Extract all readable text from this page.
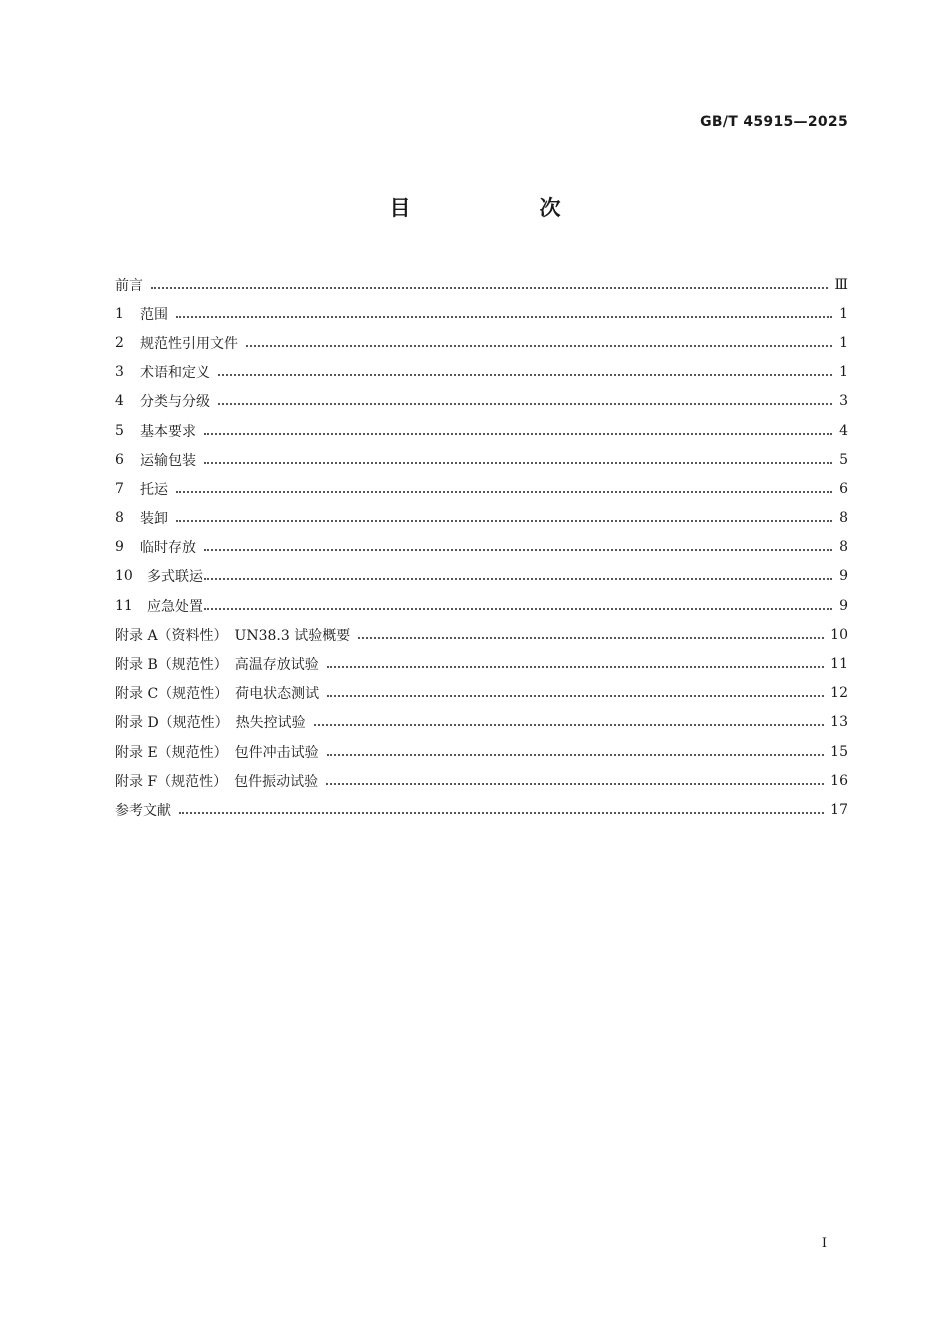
GB/T 45915—2025
目　次
前言	Ⅲ
1	范围	1
2	规范性引用文件	1
3	术语和定义	1
4	分类与分级	3
5	基本要求	4
6	运输包装	5
7	托运	6
8	装卸	8
9	临时存放	8
10	多式联运	9
11	应急处置	9
附录 A（资料性）　UN38.3 试验概要	10
附录 B（规范性）　高温存放试验	11
附录 C（规范性）　荷电状态测试	12
附录 D（规范性）　热失控试验	13
附录 E（规范性）　包件冲击试验	15
附录 F（规范性）　包件振动试验	16
参考文献	17
I
